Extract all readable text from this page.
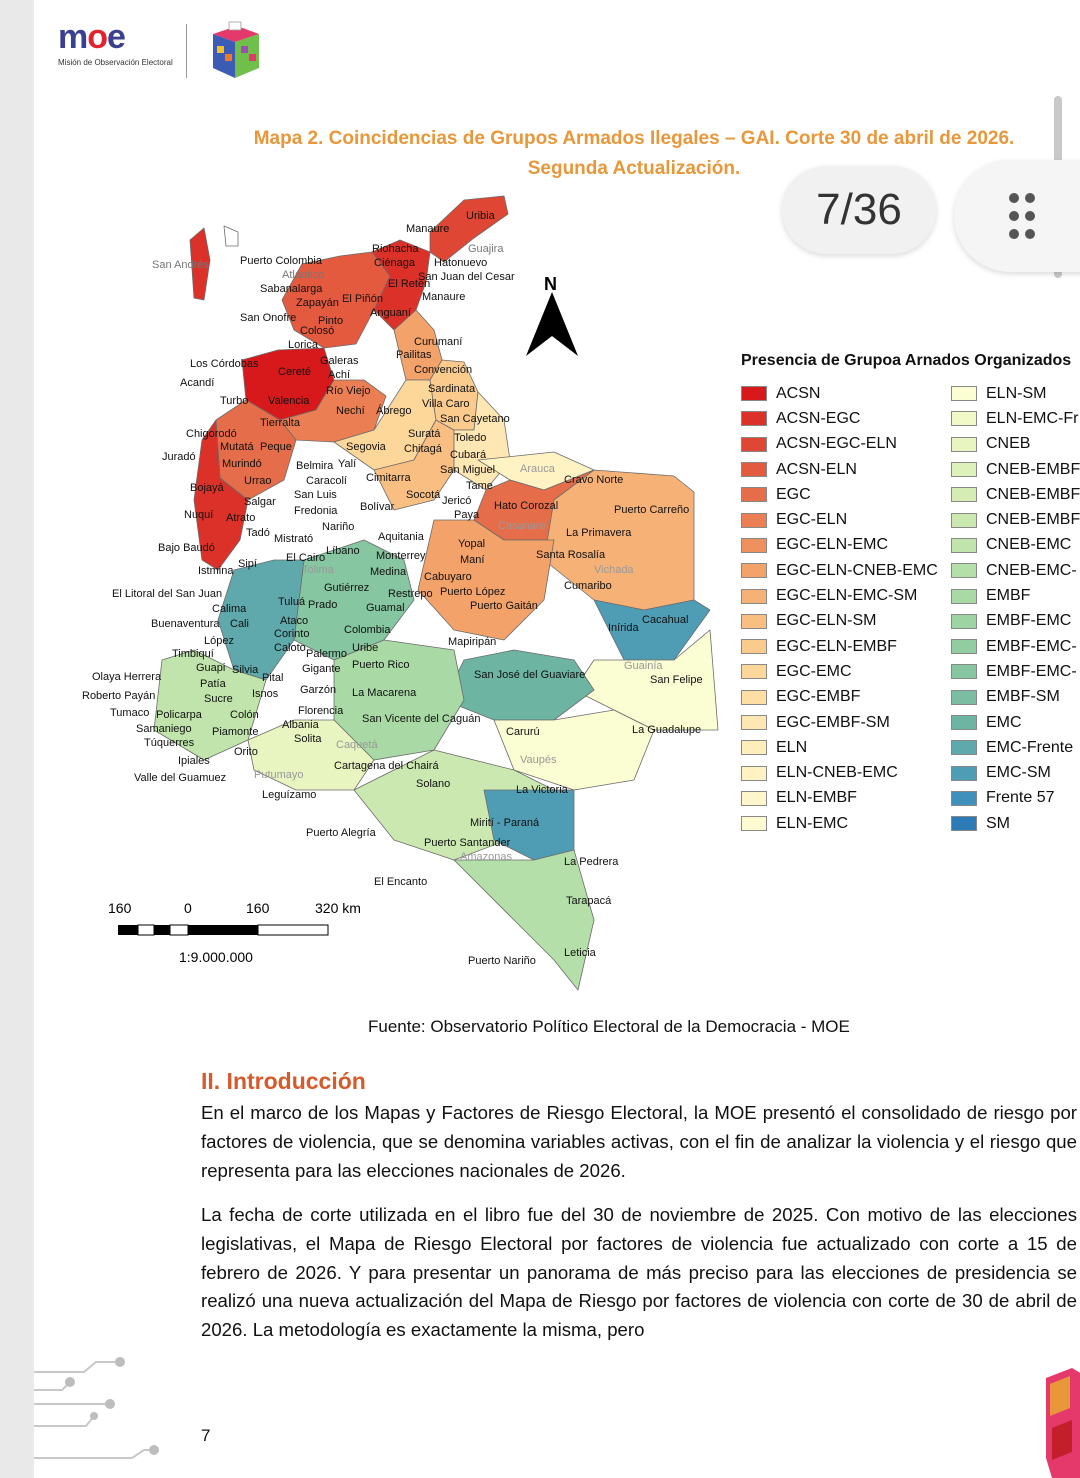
moe
Misión de Observación Electoral
Mapa 2. Coincidencias de Grupos Armados Ilegales – GAI. Corte 30 de abril de 2026.
Segunda Actualización.
Uribia
Manaure
Guajira
Riohacha
Ciénaga Hatonuevo
Puerto Colombia
Atlántico
El Retén
San Juan del Cesar
San Andrés
Sabanalarga
Zapayán El Piñón	Manaure
San Onofre Pinto
Anguaní
Colosó
Lorica	Curumaní
Pailitas
Los Córdobas
Cereté
Galeras
Achí	Convención
Acandí
Río Viejo	Sardinata
Turbo Valencia	Villa Caro
Nechí Ábrego
Tierralta	San Cayetano
Chigorodó	Suratá Toledo
Mutatá Peque	Segovia Chitagá Cubará
Juradó
Murindó	Belmira Yalí
Cimitarra
San Miguel Arauca
Urrao	Caracolí	Tame	Cravo Norte
Bojayá
San Luis	Socotá
Hato Corozal
Salgar	Bolívar	Jericó
Puerto Carreño
Nuquí Atrato
Fredonia	Paya
Casanare
La Primavera
Tadó	Nariño
Aquitania
Bajo Baudó
Mistrató
El Cairo
Líbano Monterrey
Yopal
Santa Rosalía
Istmina
Sipí	Tolima	Medina
Maní
Vichada
Cabuyaro
Cumaribo
Gutiérrez Restrepo Puerto López
El Litoral del San Juan
Calima
Tuluá Prado	Guamal	Puerto Gaitán
Buenaventura Cali	Ataco
Corinto	Colombia	Inírida
Cacahual
López
Caloto Palermo Uribe	Mapiripán
Timbiquí
Guapi Silvia	Gigante Puerto Rico	Guainía
Olaya Herrera
Patía	Pital	San José del Guaviare	San Felipe
Roberto Payán	Sucre Isnos Garzón La Macarena
Tumaco Policarpa	Colón	Florencia
La Guadalupe
Samaniego	Albania	San Vicente del Caguán
Carurú
Túquerres
Piamonte
Solita
Ipiales
Orito
Caquetá
Vaupés
Valle del Guamuez	Putumayo
Cartagena del Chairá
La Victoria
Leguízamo
Solano
Mirití - Paraná
Puerto Alegría
Puerto Santander
La Pedrera
Amazonas
El Encanto
Tarapacá
Leticia
Puerto Nariño
160	0	160	320 km
1:9.000.000
N
Presencia de Grupoa Arnados Organizados
ACSN
ACSN-EGC
ACSN-EGC-ELN
ACSN-ELN
EGC
EGC-ELN
EGC-ELN-EMC
EGC-ELN-CNEB-EMC
EGC-ELN-EMC-SM
EGC-ELN-SM
EGC-ELN-EMBF
EGC-EMC
EGC-EMBF
EGC-EMBF-SM
ELN
ELN-CNEB-EMC
ELN-EMBF
ELN-EMC
ELN-SM
ELN-EMC-Fr
CNEB
CNEB-EMBF
CNEB-EMBF
CNEB-EMBF
CNEB-EMC
CNEB-EMC-
EMBF
EMBF-EMC
EMBF-EMC-
EMBF-EMC-
EMBF-SM
EMC
EMC-Frente
EMC-SM
Frente 57
SM
Fuente: Observatorio Político Electoral de la Democracia - MOE
II. Introducción
En el marco de los Mapas y Factores de Riesgo Electoral, la MOE presentó el consolidado de riesgo por factores de violencia, que se denomina variables activas, con el fin de analizar la violencia y el riesgo que representa para las elecciones nacionales de 2026.
La fecha de corte utilizada en el libro fue del 30 de noviembre de 2025. Con motivo de las elecciones legislativas, el Mapa de Riesgo Electoral por factores de violencia fue actualizado con corte a 15 de febrero de 2026. Y para presentar un panorama de más preciso para las elecciones de presidencia se realizó una nueva actualización del Mapa de Riesgo por factores de violencia con corte de 30 de abril de 2026. La metodología es exactamente la misma, pero
7
7/36
